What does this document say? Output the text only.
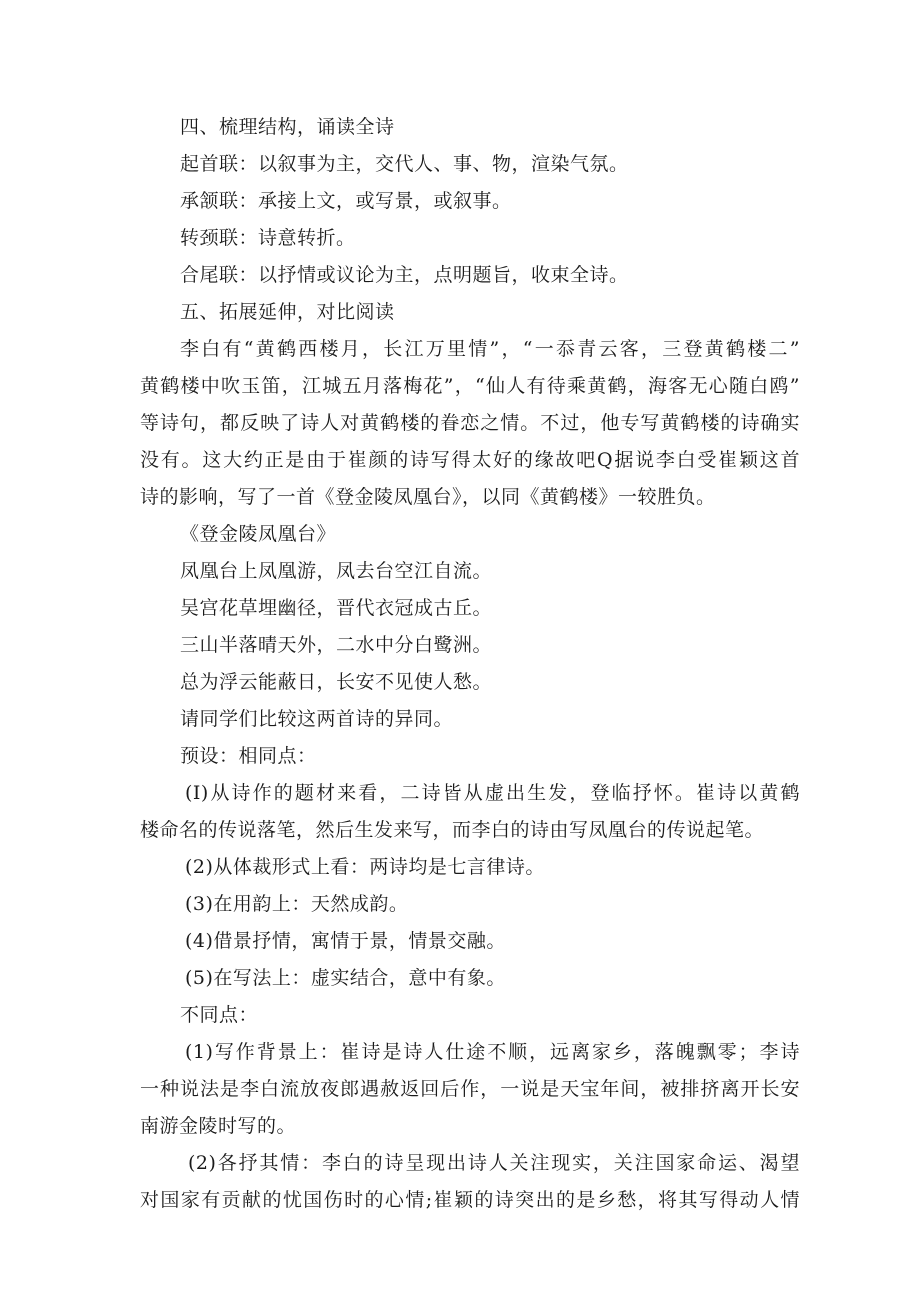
四、梳理结构，诵读全诗
起首联：以叙事为主，交代人、事、物，渲染气氛。
承颔联：承接上文，或写景，或叙事。
转颈联：诗意转折。
合尾联：以抒情或议论为主，点明题旨，收束全诗。
五、拓展延伸，对比阅读
李白有“黄鹤西楼月，长江万里情”，“一忝青云客，三登黄鹤楼二”
黄鹤楼中吹玉笛，江城五月落梅花”，“仙人有待乘黄鹤，海客无心随白鸥”
等诗句，都反映了诗人对黄鹤楼的眷恋之情。不过，他专写黄鹤楼的诗确实
没有。这大约正是由于崔颜的诗写得太好的缘故吧Q据说李白受崔颖这首
诗的影响，写了一首《登金陵凤凰台》，以同《黄鹤楼》一较胜负。
《登金陵凤凰台》
凤凰台上凤凰游，凤去台空江自流。
吴宫花草埋幽径，晋代衣冠成古丘。
三山半落晴天外，二水中分白鹭洲。
总为浮云能蔽日，长安不见使人愁。
请同学们比较这两首诗的异同。
预设：相同点：
(I)从诗作的题材来看，二诗皆从虚出生发，登临抒怀。崔诗以黄鹤
楼命名的传说落笔，然后生发来写，而李白的诗由写凤凰台的传说起笔。
(2)从体裁形式上看：两诗均是七言律诗。
(3)在用韵上：天然成韵。
(4)借景抒情，寓情于景，情景交融。
(5)在写法上：虚实结合，意中有象。
不同点：
(1)写作背景上：崔诗是诗人仕途不顺，远离家乡，落魄飘零；李诗
一种说法是李白流放夜郎遇赦返回后作，一说是天宝年间，被排挤离开长安
南游金陵时写的。
(2)各抒其情：李白的诗呈现出诗人关注现实，关注国家命运、渴望
对国家有贡献的忧国伤时的心情;崔颖的诗突出的是乡愁，将其写得动人情
